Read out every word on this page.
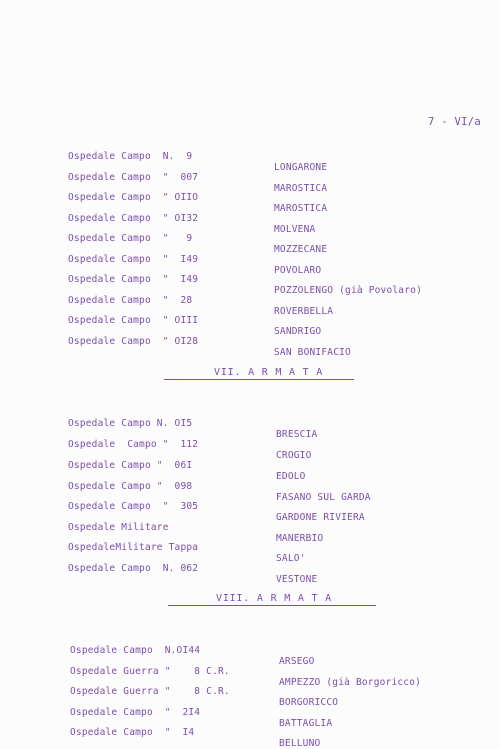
7 - VI/a

Ospedale Campo  N.  9

LONGARONE

Ospedale Campo  "  007

MAROSTICA

Ospedale Campo  " OIIO

MAROSTICA

Ospedale Campo  " OI32

MOLVENA

Ospedale Campo  "   9

MOZZECANE

Ospedale Campo  "  I49

POVOLARO

Ospedale Campo  "  I49

POZZOLENGO (già Povolaro)

Ospedale Campo  "  28

ROVERBELLA

Ospedale Campo  " OIII

SANDRIGO

Ospedale Campo  " OI28

SAN BONIFACIO

VII. A R M A T A

Ospedale Campo N. OI5

BRESCIA

Ospedale  Campo "  112

CROGIO

Ospedale Campo "  06I

EDOLO

Ospedale Campo "  098

FASANO SUL GARDA

Ospedale Campo  "  305

GARDONE RIVIERA

Ospedale Militare

MANERBIO

OspedaleMilitare Tappa

SALO'

Ospedale Campo  N. 062

VESTONE

VIII. A R M A T A

Ospedale Campo  N.OI44

ARSEGO

Ospedale Guerra "    8 C.R.

AMPEZZO (già Borgoricco)

Ospedale Guerra "    8 C.R.

BORGORICCO

Ospedale Campo  "  2I4

BATTAGLIA

Ospedale Campo  "  I4

BELLUNO
